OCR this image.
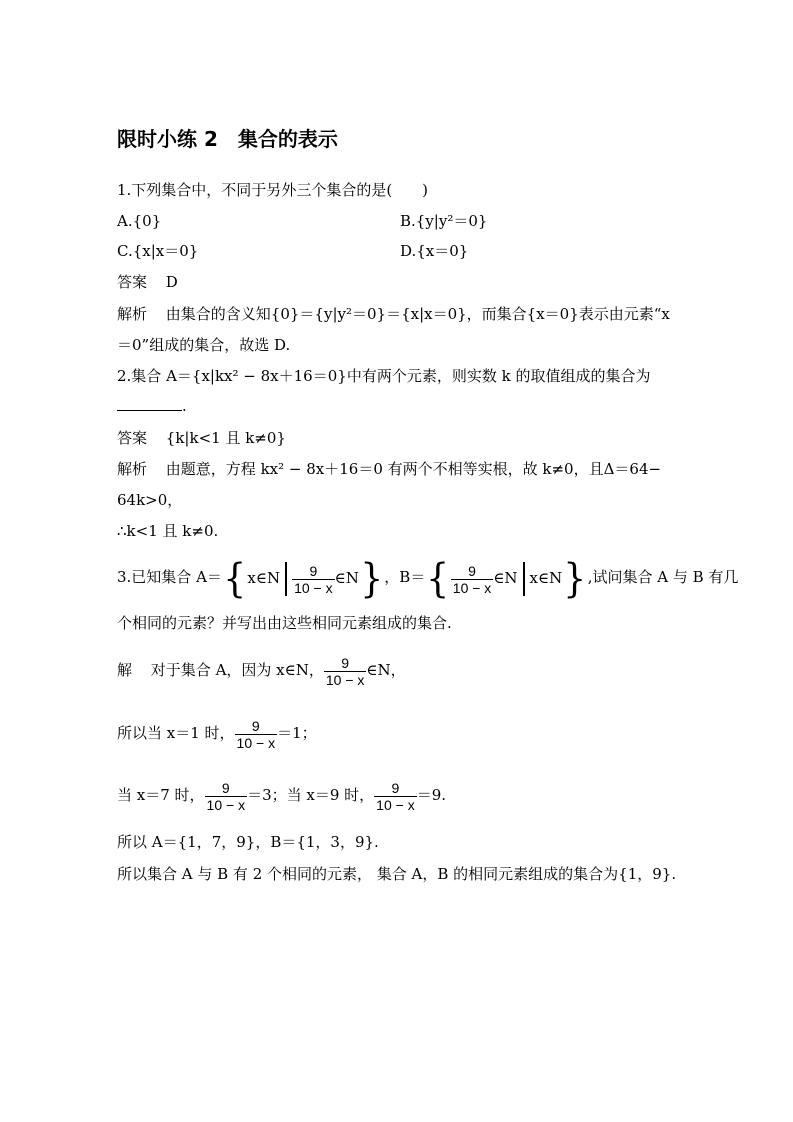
限时小练 2　集合的表示
1.下列集合中，不同于另外三个集合的是(　　)
A.{0}	B.{y|y²＝0}
C.{x|x＝0}	D.{x＝0}
答案 D
解析 由集合的含义知{0}＝{y|y²＝0}＝{x|x＝0}，而集合{x＝0}表示由元素“x
＝0”组成的集合，故选 D.
2.集合 A＝{x|kx² − 8x＋16＝0}中有两个元素，则实数 k 的取值组成的集合为
.
答案 {k|k<1 且 k≠0}
解析 由题意，方程 kx² − 8x＋16＝0 有两个不相等实根，故 k≠0，且Δ＝64−
64k>0，
∴k<1 且 k≠0.
3.已知集合 A＝{x∈N $\frac{9}{10 - x}$ ∈N}，$B=\{ \frac{9}{10 - x}$ ∈N x∈N},试问集合 A 与 B 有几
个相同的元素？并写出由这些相同元素组成的集合.
解 对于集合 A，因为 x∈N， $\frac{9}{10 - x}$ ∈N，
所以当 x＝1 时， $\frac{9}{10 - x} =1$；
当 x＝7 时， $\frac{9}{10 - x} =3$；当 x＝9 时， $\frac{9}{10 - x} =9$.
所以 A＝{1，7，9}，B＝{1，3，9}.
所以集合 A 与 B 有 2 个相同的元素， 集合 A，B 的相同元素组成的集合为{1，9}.
